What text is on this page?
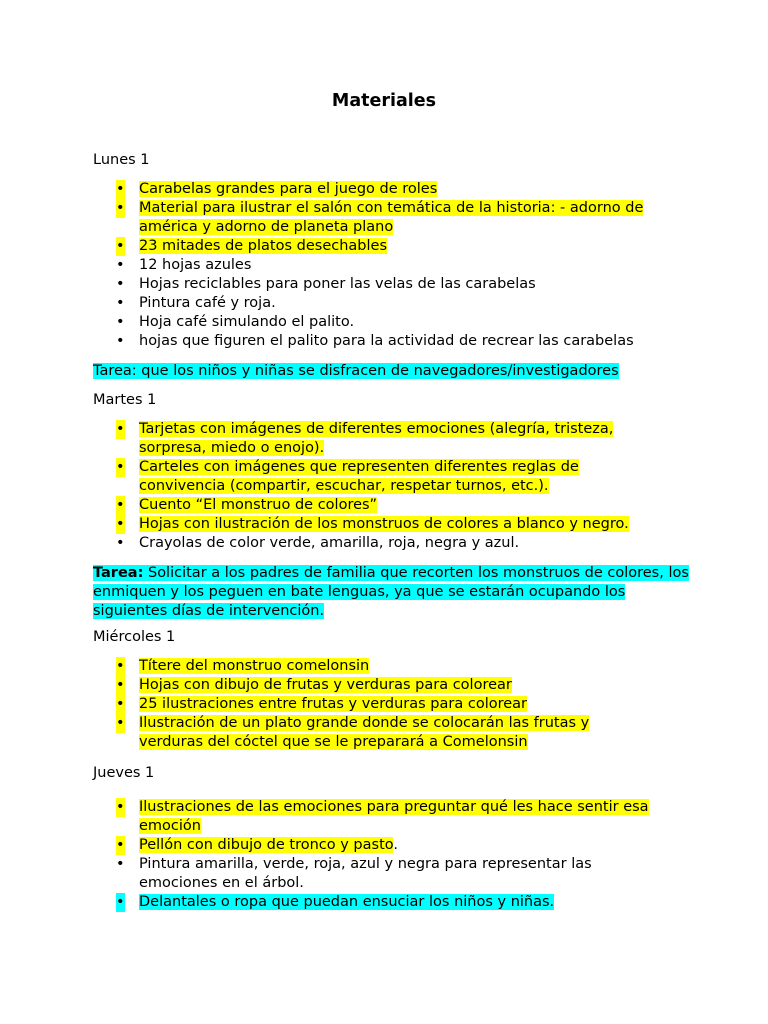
Materiales
Lunes 1
• Carabelas grandes para el juego de roles
• Material para ilustrar el salón con temática de la historia: - adorno de
américa y adorno de planeta plano
• 23 mitades de platos desechables
• 12 hojas azules
• Hojas reciclables para poner las velas de las carabelas
• Pintura café y roja.
• Hoja café simulando el palito.
• hojas que figuren el palito para la actividad de recrear las carabelas
Tarea: que los niños y niñas se disfracen de navegadores/investigadores
Martes 1
• Tarjetas con imágenes de diferentes emociones (alegría, tristeza,
sorpresa, miedo o enojo).
• Carteles con imágenes que representen diferentes reglas de
convivencia (compartir, escuchar, respetar turnos, etc.).
• Cuento “El monstruo de colores”
• Hojas con ilustración de los monstruos de colores a blanco y negro.
• Crayolas de color verde, amarilla, roja, negra y azul.
Tarea: Solicitar a los padres de familia que recorten los monstruos de colores, los
enmiquen y los peguen en bate lenguas, ya que se estarán ocupando los
siguientes días de intervención.
Miércoles 1
• Títere del monstruo comelonsin
• Hojas con dibujo de frutas y verduras para colorear
• 25 ilustraciones entre frutas y verduras para colorear
• Ilustración de un plato grande donde se colocarán las frutas y
verduras del cóctel que se le preparará a Comelonsin
Jueves 1
• Ilustraciones de las emociones para preguntar qué les hace sentir esa
emoción
• Pellón con dibujo de tronco y pasto.
• Pintura amarilla, verde, roja, azul y negra para representar las
emociones en el árbol.
• Delantales o ropa que puedan ensuciar los niños y niñas.
